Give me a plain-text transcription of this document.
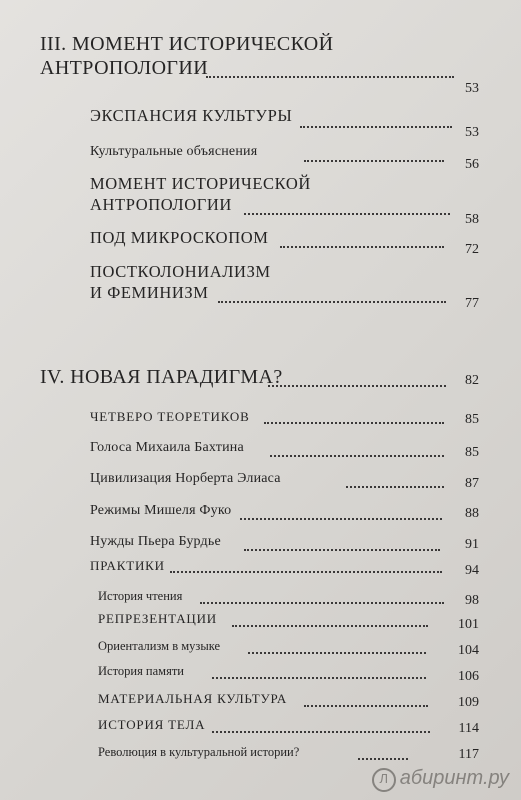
III. МОМЕНТ ИСТОРИЧЕСКОЙ
АНТРОПОЛОГИИ
53
ЭКСПАНСИЯ КУЛЬТУРЫ
53
Культуральные объяснения
56
МОМЕНТ ИСТОРИЧЕСКОЙ
АНТРОПОЛОГИИ
58
ПОД МИКРОСКОПОМ
72
ПОСТКОЛОНИАЛИЗМ
И ФЕМИНИЗМ
77
IV. НОВАЯ ПАРАДИГМА?	82
ЧЕТВЕРО ТЕОРЕТИКОВ	85
Голоса Михаила Бахтина	85
Цивилизация Норберта Элиаса	87
Режимы Мишеля Фуко	88
Нужды Пьера Бурдье	91
ПРАКТИКИ	94
История чтения	98
РЕПРЕЗЕНТАЦИИ	101
Ориентализм в музыке	104
История памяти	106
МАТЕРИАЛЬНАЯ КУЛЬТУРА	109
ИСТОРИЯ ТЕЛА	114
Революция в культуральной истории?	117
Л абиринт.ру
